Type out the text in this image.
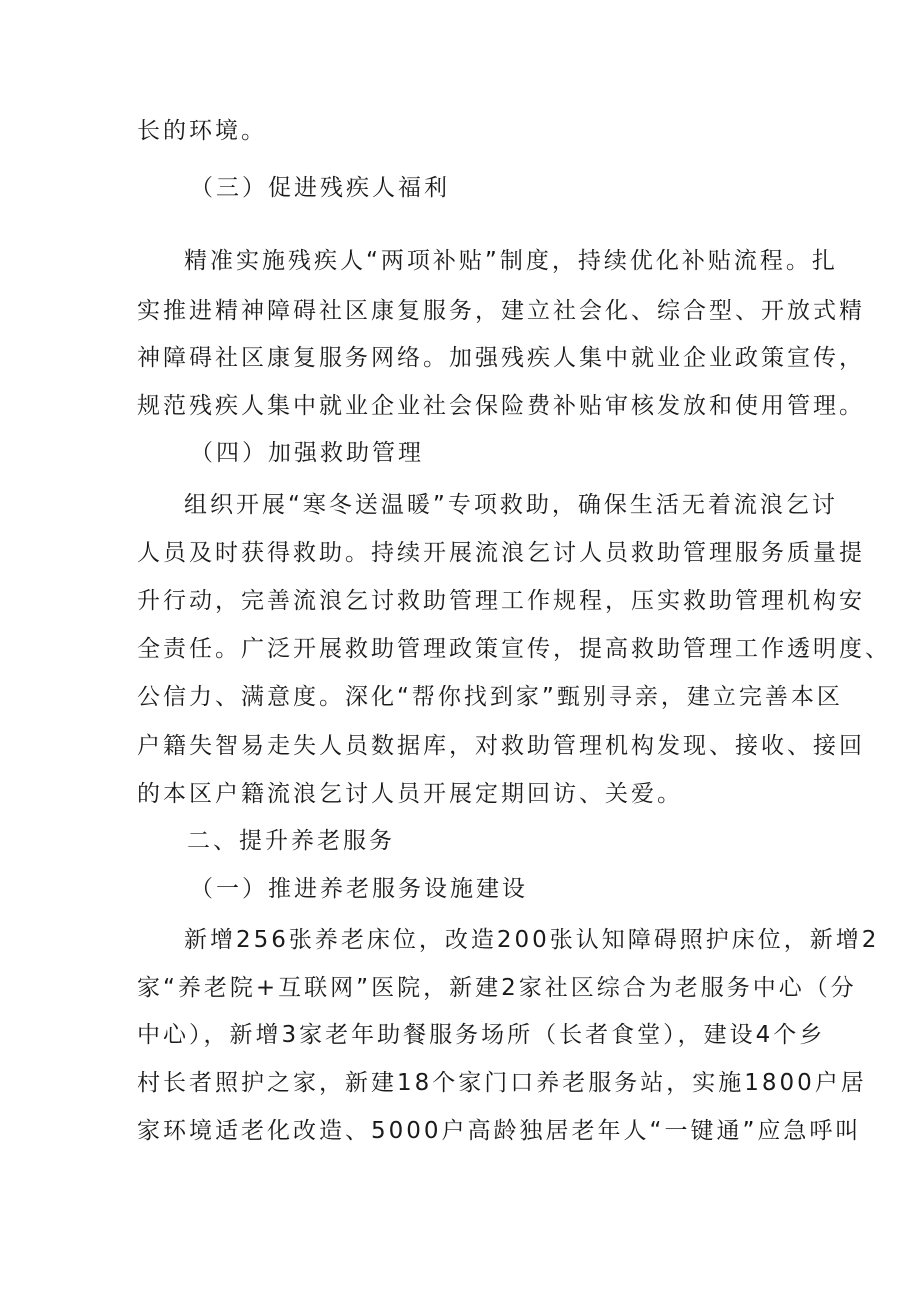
长的环境。
（三）促进残疾人福利
精准实施残疾人“两项补贴”制度，持续优化补贴流程。扎
实推进精神障碍社区康复服务，建立社会化、综合型、开放式精
神障碍社区康复服务网络。加强残疾人集中就业企业政策宣传，
规范残疾人集中就业企业社会保险费补贴审核发放和使用管理。
（四）加强救助管理
组织开展“寒冬送温暖”专项救助，确保生活无着流浪乞讨
人员及时获得救助。持续开展流浪乞讨人员救助管理服务质量提
升行动，完善流浪乞讨救助管理工作规程，压实救助管理机构安
全责任。广泛开展救助管理政策宣传，提高救助管理工作透明度、
公信力、满意度。深化“帮你找到家”甄别寻亲，建立完善本区
户籍失智易走失人员数据库，对救助管理机构发现、接收、接回
的本区户籍流浪乞讨人员开展定期回访、关爱。
二、提升养老服务
（一）推进养老服务设施建设
新增256张养老床位，改造200张认知障碍照护床位，新增2
家“养老院+互联网”医院，新建2家社区综合为老服务中心（分
中心），新增3家老年助餐服务场所（长者食堂），建设4个乡
村长者照护之家，新建18个家门口养老服务站，实施1800户居
家环境适老化改造、5000户高龄独居老年人“一键通”应急呼叫
